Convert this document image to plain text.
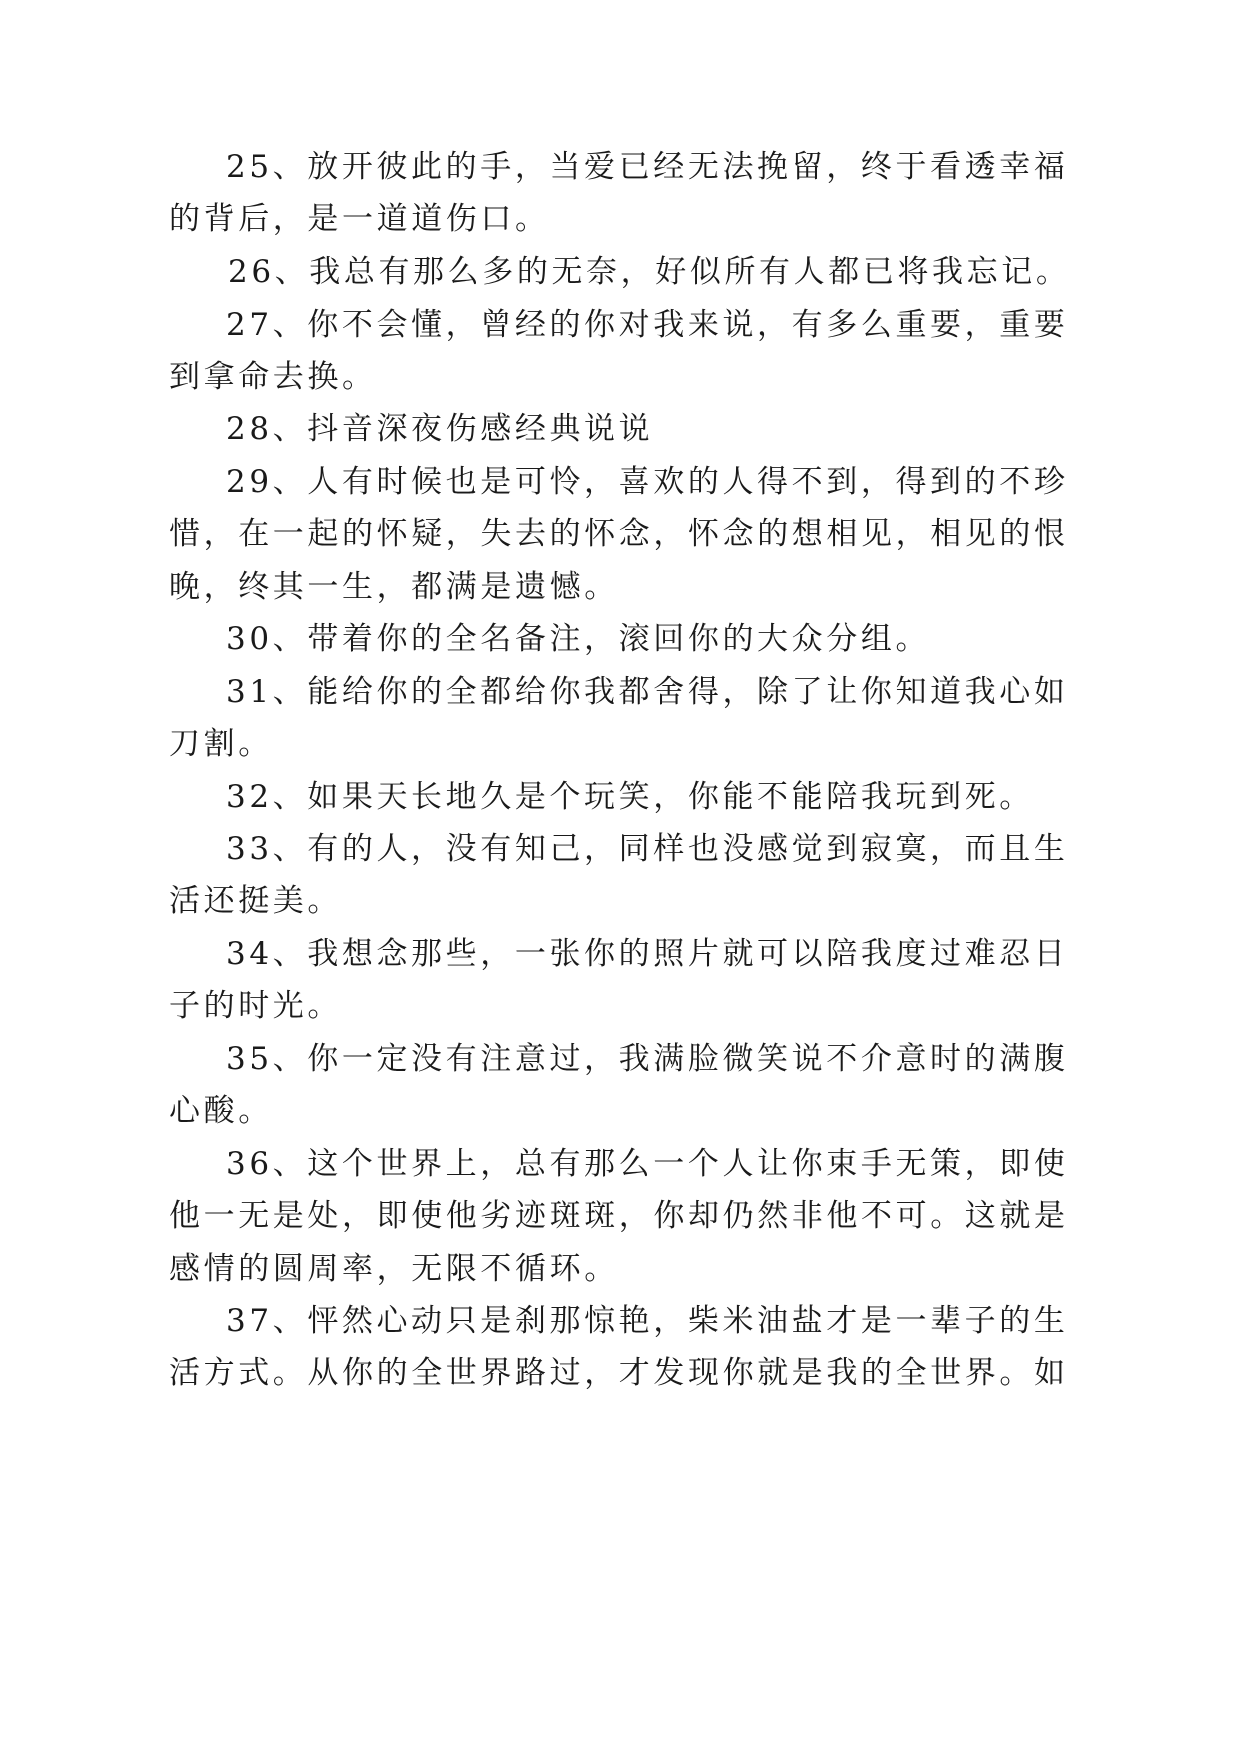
25、放开彼此的手，当爱已经无法挽留，终于看透幸福
的背后，是一道道伤口。
26、我总有那么多的无奈，好似所有人都已将我忘记。
27、你不会懂，曾经的你对我来说，有多么重要，重要
到拿命去换。
28、抖音深夜伤感经典说说
29、人有时候也是可怜，喜欢的人得不到，得到的不珍
惜，在一起的怀疑，失去的怀念，怀念的想相见，相见的恨
晚，终其一生，都满是遗憾。
30、带着你的全名备注，滚回你的大众分组。
31、能给你的全都给你我都舍得，除了让你知道我心如
刀割。
32、如果天长地久是个玩笑，你能不能陪我玩到死。
33、有的人，没有知己，同样也没感觉到寂寞，而且生
活还挺美。
34、我想念那些，一张你的照片就可以陪我度过难忍日
子的时光。
35、你一定没有注意过，我满脸微笑说不介意时的满腹
心酸。
36、这个世界上，总有那么一个人让你束手无策，即使
他一无是处，即使他劣迹斑斑，你却仍然非他不可。这就是
感情的圆周率，无限不循环。
37、怦然心动只是刹那惊艳，柴米油盐才是一辈子的生
活方式。从你的全世界路过，才发现你就是我的全世界。如
